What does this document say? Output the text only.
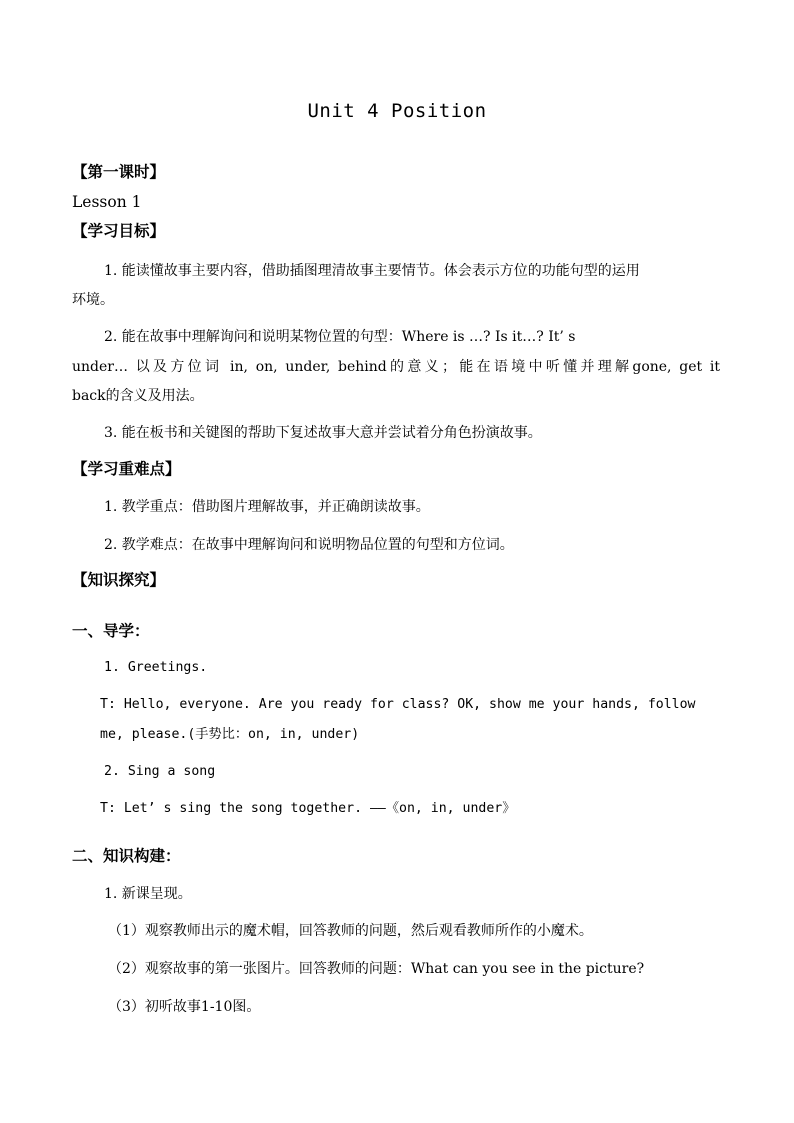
Unit 4 Position
【第一课时】
Lesson 1
【学习目标】
1. 能读懂故事主要内容，借助插图理清故事主要情节。体会表示方位的功能句型的运用
环境。
2. 能在故事中理解询问和说明某物位置的句型：Where is …? Is it…? It’ s
under… 以及方位词 in, on, under, behind的意义；能在语境中听懂并理解gone, get it
back的含义及用法。
3. 能在板书和关键图的帮助下复述故事大意并尝试着分角色扮演故事。
【学习重难点】
1. 教学重点：借助图片理解故事，并正确朗读故事。
2. 教学难点：在故事中理解询问和说明物品位置的句型和方位词。
【知识探究】
一、导学：
1. Greetings.
T: Hello, everyone. Are you ready for class? OK, show me your hands, follow
me, please.(手势比：on, in, under)
2. Sing a song
T: Let’ s sing the song together. ——《on, in, under》
二、知识构建：
1. 新课呈现。
（1）观察教师出示的魔术帽，回答教师的问题，然后观看教师所作的小魔术。
（2）观察故事的第一张图片。回答教师的问题：What can you see in the picture?
（3）初听故事1-10图。
